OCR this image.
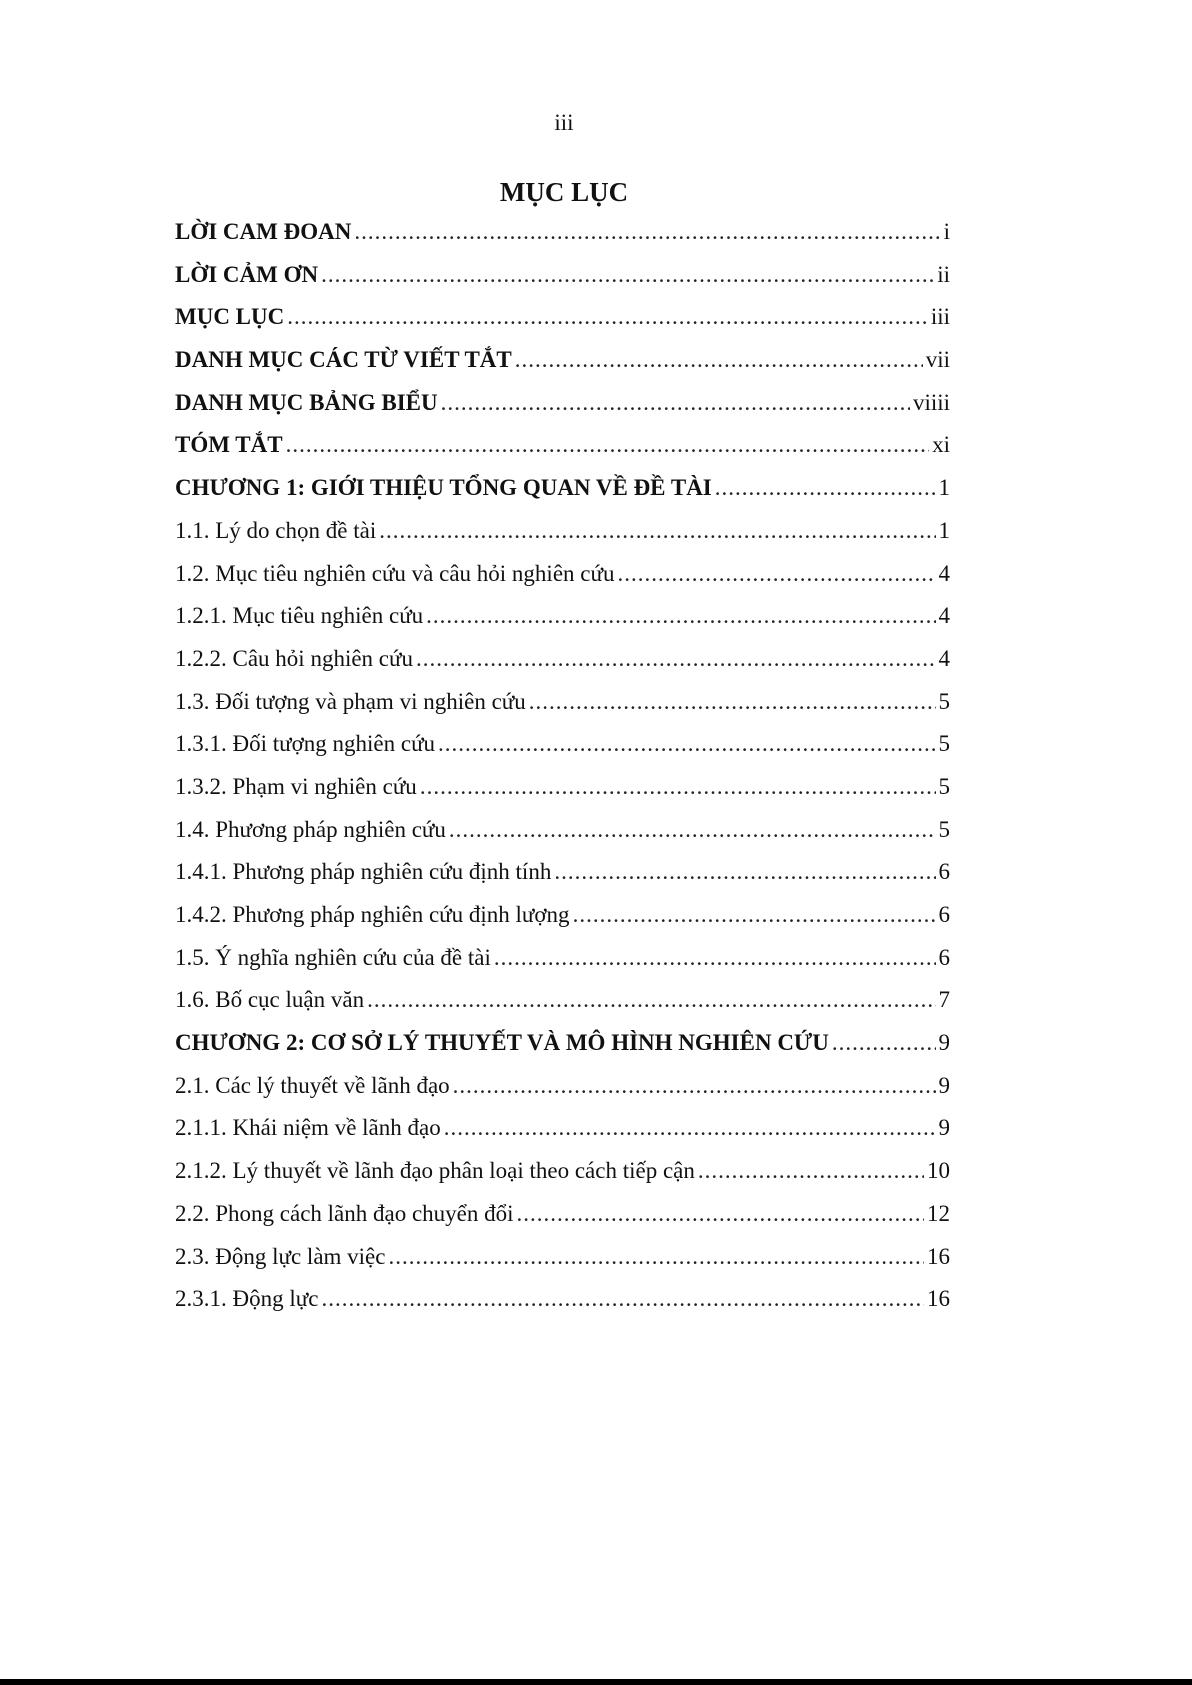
iii
MỤC LỤC
LỜI CAM ĐOAN .....	i
LỜI CẢM ƠN .....	ii
MỤC LỤC .....	iii
DANH MỤC CÁC TỪ VIẾT TẮT .....	vii
DANH MỤC BẢNG BIỂU .....	viiii
TÓM TẮT .....	xi
CHƯƠNG 1: GIỚI THIỆU TỔNG QUAN VỀ ĐỀ TÀI .....	1
1.1. Lý do chọn đề tài .....	1
1.2. Mục tiêu nghiên cứu và câu hỏi nghiên cứu .....	4
1.2.1. Mục tiêu nghiên cứu .....	4
1.2.2. Câu hỏi nghiên cứu .....	4
1.3. Đối tượng và phạm vi nghiên cứu .....	5
1.3.1. Đối tượng nghiên cứu .....	5
1.3.2. Phạm vi nghiên cứu .....	5
1.4. Phương pháp nghiên cứu .....	5
1.4.1. Phương pháp nghiên cứu định tính .....	6
1.4.2. Phương pháp nghiên cứu định lượng .....	6
1.5. Ý nghĩa nghiên cứu của đề tài .....	6
1.6. Bố cục luận văn .....	7
CHƯƠNG 2: CƠ SỞ LÝ THUYẾT VÀ MÔ HÌNH NGHIÊN CỨU .....	9
2.1. Các lý thuyết về lãnh đạo .....	9
2.1.1. Khái niệm về lãnh đạo .....	9
2.1.2. Lý thuyết về lãnh đạo phân loại theo cách tiếp cận .....	10
2.2. Phong cách lãnh đạo chuyển đổi .....	12
2.3. Động lực làm việc .....	16
2.3.1. Động lực .....	16
